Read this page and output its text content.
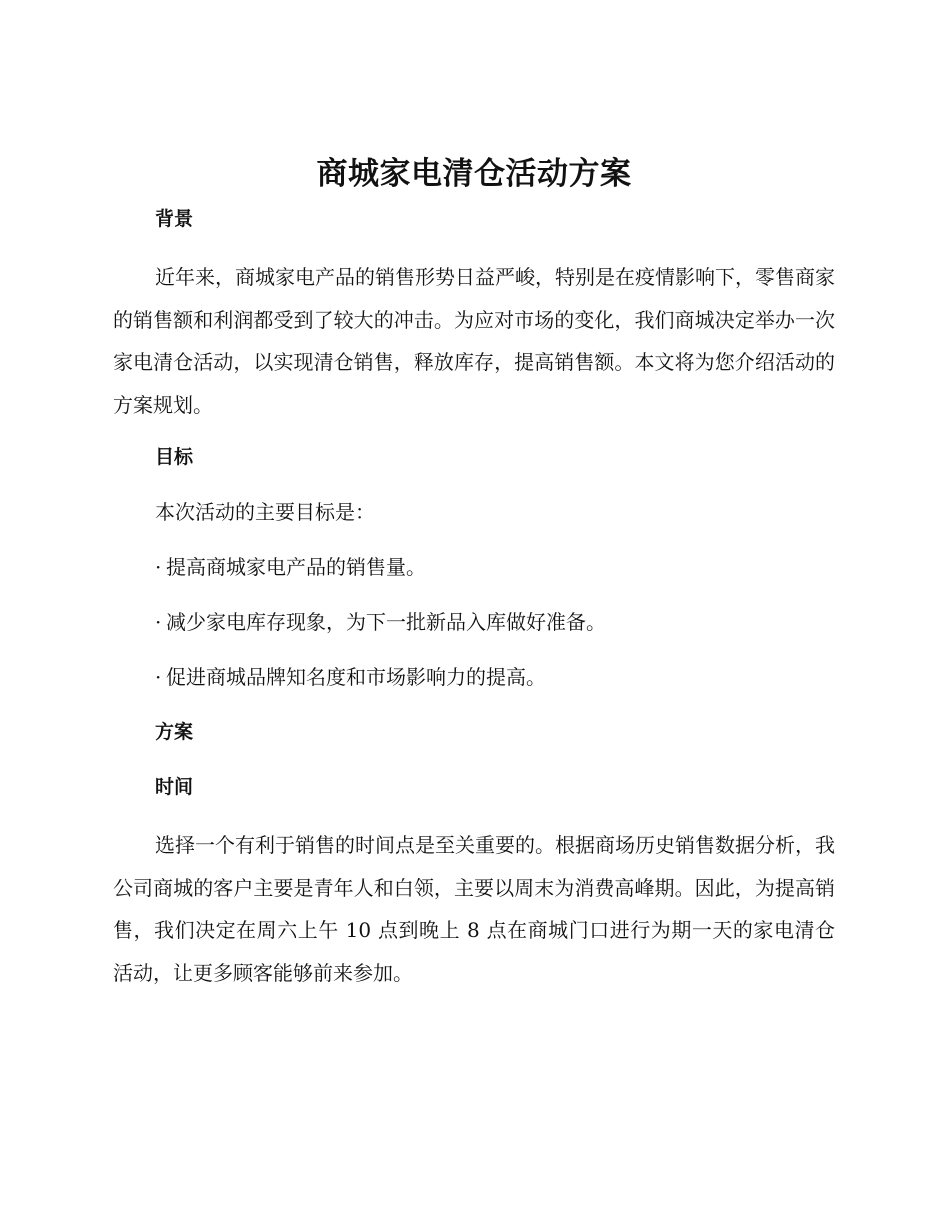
商城家电清仓活动方案
背景

近年来，商城家电产品的销售形势日益严峻，特别是在疫情影响下，零售商家的销售额和利润都受到了较大的冲击。为应对市场的变化，我们商城决定举办一次家电清仓活动，以实现清仓销售，释放库存，提高销售额。本文将为您介绍活动的方案规划。

目标
本次活动的主要目标是：
· 提高商城家电产品的销售量。
· 减少家电库存现象，为下一批新品入库做好准备。
· 促进商城品牌知名度和市场影响力的提高。
方案
时间

选择一个有利于销售的时间点是至关重要的。根据商场历史销售数据分析，我公司商城的客户主要是青年人和白领，主要以周末为消费高峰期。因此，为提高销售，我们决定在周六上午 10 点到晚上 8 点在商城门口进行为期一天的家电清仓活动，让更多顾客能够前来参加。
